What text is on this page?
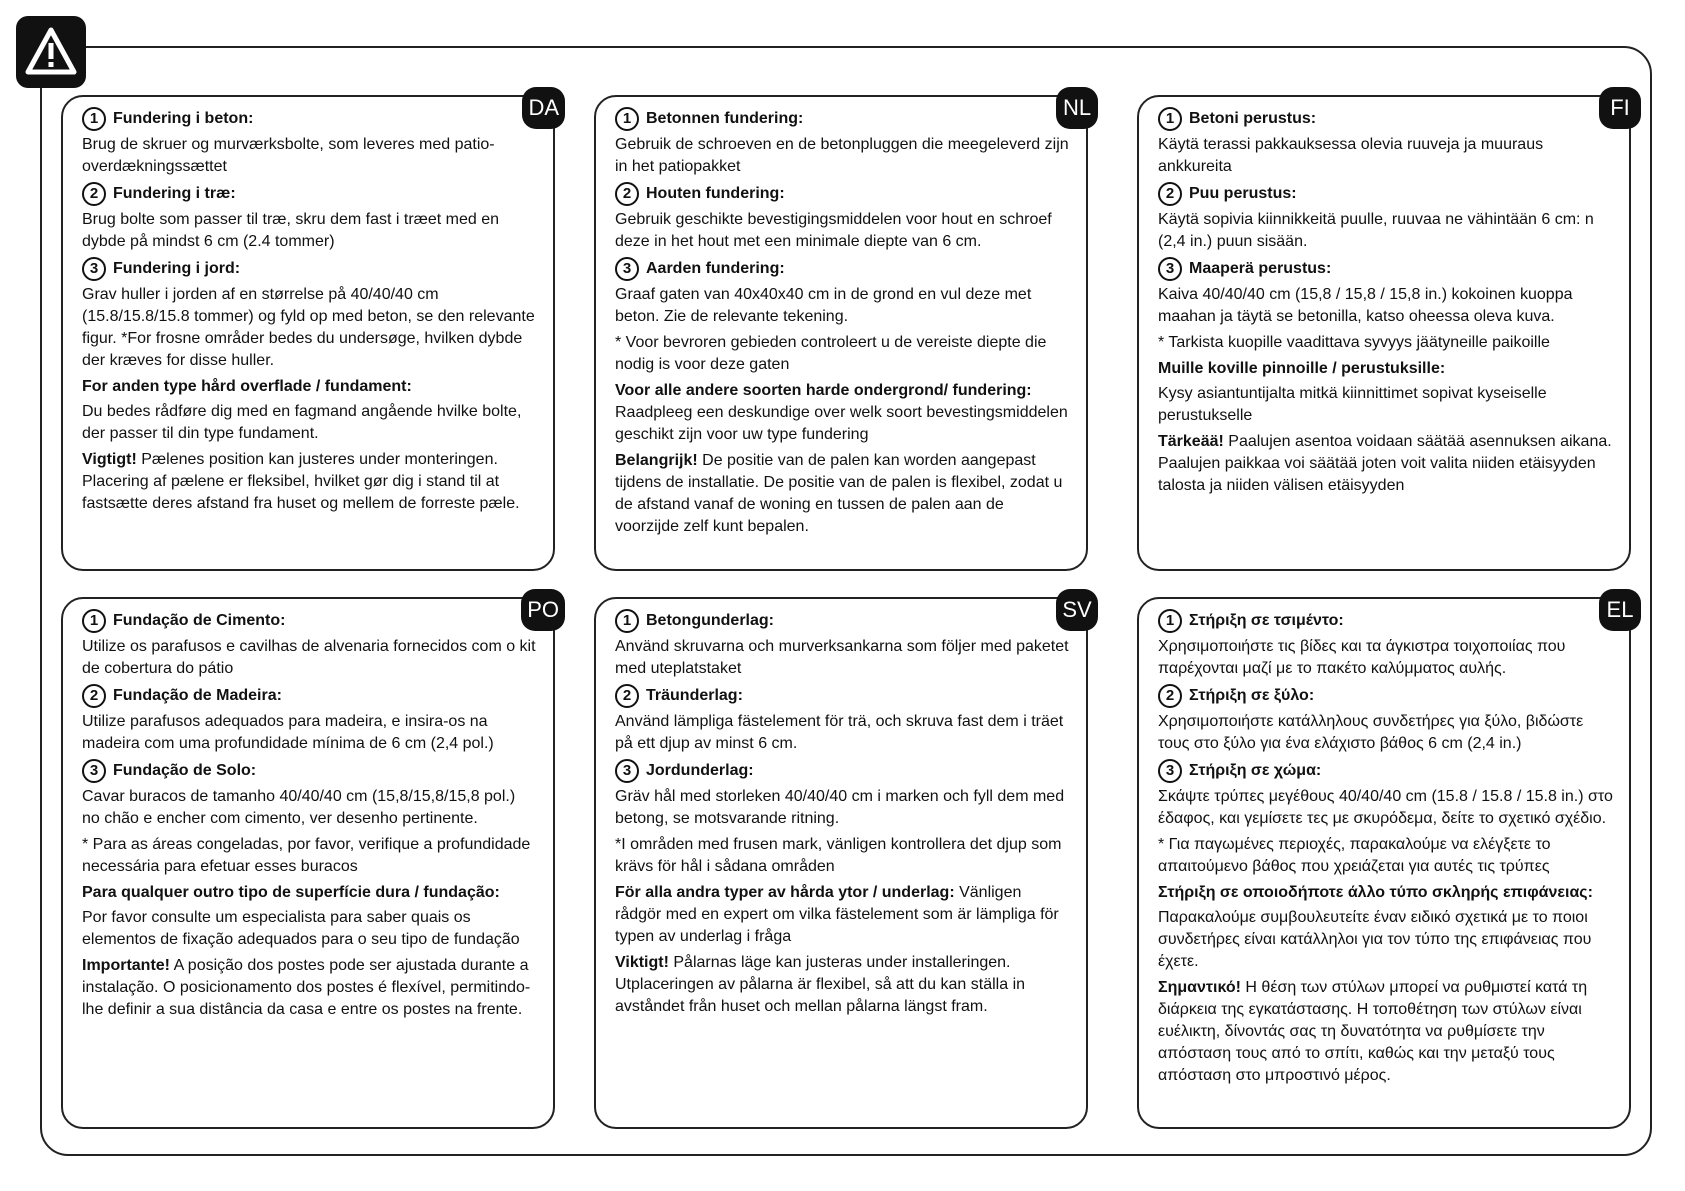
DA
1 Fundering i beton:
Brug de skruer og murværksbolte, som leveres med patio-overdækningssættet
2 Fundering i træ:
Brug bolte som passer til træ, skru dem fast i træet med en dybde på mindst 6 cm (2.4 tommer)
3 Fundering i jord:
Grav huller i jorden af en størrelse på 40/40/40 cm (15.8/15.8/15.8 tommer) og fyld op med beton, se den relevante figur. *For frosne områder bedes du undersøge, hvilken dybde der kræves for disse huller.
For anden type hård overflade / fundament:
Du bedes rådføre dig med en fagmand angående hvilke bolte, der passer til din type fundament.
Vigtigt! Pælenes position kan justeres under monteringen. Placering af pælene er fleksibel, hvilket gør dig i stand til at fastsætte deres afstand fra huset og mellem de forreste pæle.
NL
1 Betonnen fundering:
Gebruik de schroeven en de betonpluggen die meegeleverd zijn in het patiopakket
2 Houten fundering:
Gebruik geschikte bevestigingsmiddelen voor hout en schroef deze in het hout met een minimale diepte van 6 cm.
3 Aarden fundering:
Graaf gaten van 40x40x40 cm in de grond en vul deze met beton. Zie de relevante tekening.
* Voor bevroren gebieden controleert u de vereiste diepte die nodig is voor deze gaten
Voor alle andere soorten harde ondergrond/ fundering: Raadpleeg een deskundige over welk soort bevestingsmiddelen geschikt zijn voor uw type fundering
Belangrijk! De positie van de palen kan worden aangepast tijdens de installatie. De positie van de palen is flexibel, zodat u de afstand vanaf de woning en tussen de palen aan de voorzijde zelf kunt bepalen.
FI
1 Betoni perustus:
Käytä terassi pakkauksessa olevia ruuveja ja muuraus ankkureita
2 Puu perustus:
Käytä sopivia kiinnikkeitä puulle, ruuvaa ne vähintään 6 cm: n (2,4 in.) puun sisään.
3 Maaperä perustus:
Kaiva 40/40/40 cm (15,8 / 15,8 / 15,8 in.) kokoinen kuoppa maahan ja täytä se betonilla, katso oheessa oleva kuva.
* Tarkista kuopille vaadittava syvyys jäätyneille paikoille
Muille koville pinnoille / perustuksille:
Kysy asiantuntijalta mitkä kiinnittimet sopivat kyseiselle perustukselle
Tärkeää! Paalujen asentoa voidaan säätää asennuksen aikana. Paalujen paikkaa voi säätää joten voit valita niiden etäisyyden talosta ja niiden välisen etäisyyden
PO
1 Fundação de Cimento:
Utilize os parafusos e cavilhas de alvenaria fornecidos com o kit de cobertura do pátio
2 Fundação de Madeira:
Utilize parafusos adequados para madeira, e insira-os na madeira com uma profundidade mínima de 6 cm (2,4 pol.)
3 Fundação de Solo:
Cavar buracos de tamanho 40/40/40 cm (15,8/15,8/15,8 pol.) no chão e encher com cimento, ver desenho pertinente.
* Para as áreas congeladas, por favor, verifique a profundidade necessária para efetuar esses buracos
Para qualquer outro tipo de superfície dura / fundação:
Por favor consulte um especialista para saber quais os elementos de fixação adequados para o seu tipo de fundação
Importante! A posição dos postes pode ser ajustada durante a instalação. O posicionamento dos postes é flexível, permitindo-lhe definir a sua distância da casa e entre os postes na frente.
SV
1 Betongunderlag:
Använd skruvarna och murverksankarna som följer med paketet med uteplatstaket
2 Träunderlag:
Använd lämpliga fästelement för trä, och skruva fast dem i träet på ett djup av minst 6 cm.
3 Jordunderlag:
Gräv hål med storleken 40/40/40 cm i marken och fyll dem med betong, se motsvarande ritning.
*I områden med frusen mark, vänligen kontrollera det djup som krävs för hål i sådana områden
För alla andra typer av hårda ytor / underlag: Vänligen rådgör med en expert om vilka fästelement som är lämpliga för typen av underlag i fråga
Viktigt! Pålarnas läge kan justeras under installeringen. Utplaceringen av pålarna är flexibel, så att du kan ställa in avståndet från huset och mellan pålarna längst fram.
EL
1 Στήριξη σε τσιμέντο:
Χρησιμοποιήστε τις βίδες και τα άγκιστρα τοιχοποιίας που παρέχονται μαζί με το πακέτο καλύμματος αυλής.
2 Στήριξη σε ξύλο:
Χρησιμοποιήστε κατάλληλους συνδετήρες για ξύλο, βιδώστε τους στο ξύλο για ένα ελάχιστο βάθος 6 cm (2,4 in.)
3 Στήριξη σε χώμα:
Σκάψτε τρύπες μεγέθους 40/40/40 cm (15.8 / 15.8 / 15.8 in.) στο έδαφος, και γεμίσετε τες με σκυρόδεμα, δείτε το σχετικό σχέδιο.
* Για παγωμένες περιοχές, παρακαλούμε να ελέγξετε το απαιτούμενο βάθος που χρειάζεται για αυτές τις τρύπες
Στήριξη σε οποιοδήποτε άλλο τύπο σκληρής επιφάνειας:
Παρακαλούμε συμβουλευτείτε έναν ειδικό σχετικά με το ποιοι συνδετήρες είναι κατάλληλοι για τον τύπο της επιφάνειας που έχετε.
Σημαντικό! Η θέση των στύλων μπορεί να ρυθμιστεί κατά τη διάρκεια της εγκατάστασης. Η τοποθέτηση των στύλων είναι ευέλικτη, δίνοντάς σας τη δυνατότητα να ρυθμίσετε την απόσταση τους από το σπίτι, καθώς και την μεταξύ τους απόσταση στο μπροστινό μέρος.
